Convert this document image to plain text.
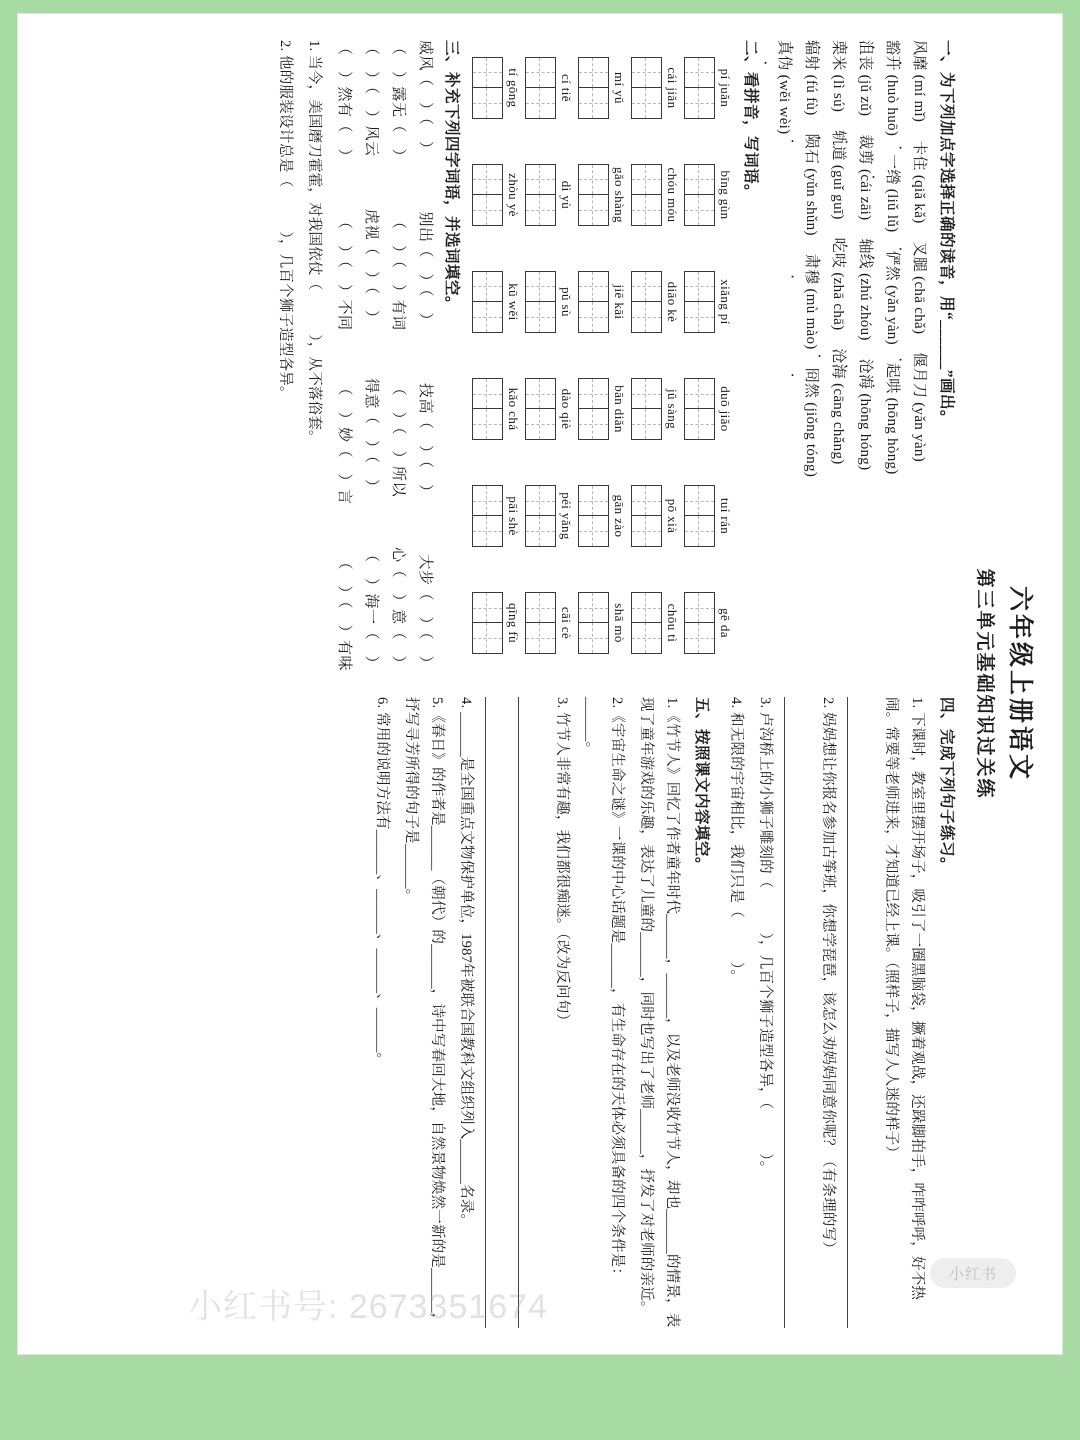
六年级上册语文
第三单元基础知识过关练
一、为下列加点字选择正确的读音，用“______”画出。
风靡 (mí mǐ)卡住 (qiǎ kǎ)叉腿 (chā chǎ)偃月刀 (yǎn yàn)
豁开 (huò huō)一绺 (liǔ lǔ)俨然 (yǎn yàn)起哄 (hōng hòng)
沮丧 (jǔ zǔ)裁剪 (cái zāi)轴线 (zhú zhóu)沧海 (hōng hóng)
栗米 (lì sú)轨道 (guǐ guī)吃吱 (zhā chā)沧海 (cāng chǎng)
辐射 (fú fù)陨石 (yǔn shǔn)肃穆 (mù mào)冏然 (jiǒng tóng)
真伪 (wěi wèi)
二、看拼音，写词语。
pí juǎn
bīng gùn
xiǎng pí
duō jiǎo
tuí rán
gē da
cái jiǎn
chóu móu
diāo kè
jǔ sàng
pō xià
chōu tì
mí yǔ
gǎo shàng
jiē kāi
bān diǎn
gān zào
shā mò
cí tiě
dì yù
pǔ sù
dào qiè
péi yǎng
cāi cè
tí gōng
zhòu yè
kū wěi
kǎo chá
pāi shè
qīng fù
三、补充下列四字词语，并选词填空。
威风（　）（　）
别出（　）（　）
技高（　）（　）
大步（　）（　）
（　）露无（　）
（　）（　）有词
（　）（　）所以
心（　）意（　）
（　）（　）风云
虎视（　）（　）
得意（　）（　）
（　）海一（　）
（　）然有（　）
（　）（　）不同
（　）妙（　）言
（　）（　）有味
1. 当今，美国磨刀霍霍，对我国依仗（　　　），从不落俗套。
2. 他的服装设计总是（　　　），几百个狮子造型各异。
四、完成下列句子练习。
1. 下课时，教室里摆开场子，吸引了一圈黑脑袋，撅着观战，还跺脚拍手，咋咋呼呼，好不热闹。常要等老师进来，才知道已经上课。（照样子，描写人人迷的样子）
2. 妈妈想让你报名参加古筝班，你想学琵琶，该怎么劝妈妈同意你呢？（有条理的写）
3. 卢沟桥上的小狮子雕刻的（　　　），几百个狮子造型各异，（　　　）。
4. 和无限的宇宙相比，我们只是（　　　）。
五、按照课文内容填空。
1.《竹节人》回忆了作者童年时代______，______，以及老师没收竹节人，却也______的情景，表现了童年游戏的乐趣，表达了儿童的______，同时也写出了老师______，抒发了对老师的亲近。
2.《宇宙生命之谜》一课的中心话题是______，有生命存在的天体必须具备的四个条件是：______。
3. 竹节人非常有趣，我们都很痴迷。（改为反问句）
4. ______是全国重点文物保护单位，1987年被联合国教科文组织列入______名录。
5.《春日》的作者是______（朝代）的______，诗中写春回大地，自然景物焕然一新的是______，抒写寻芳所得的句子是______。
6. 常用的说明方法有______、______、______、______。
小红书号: 2673351674
小红书
